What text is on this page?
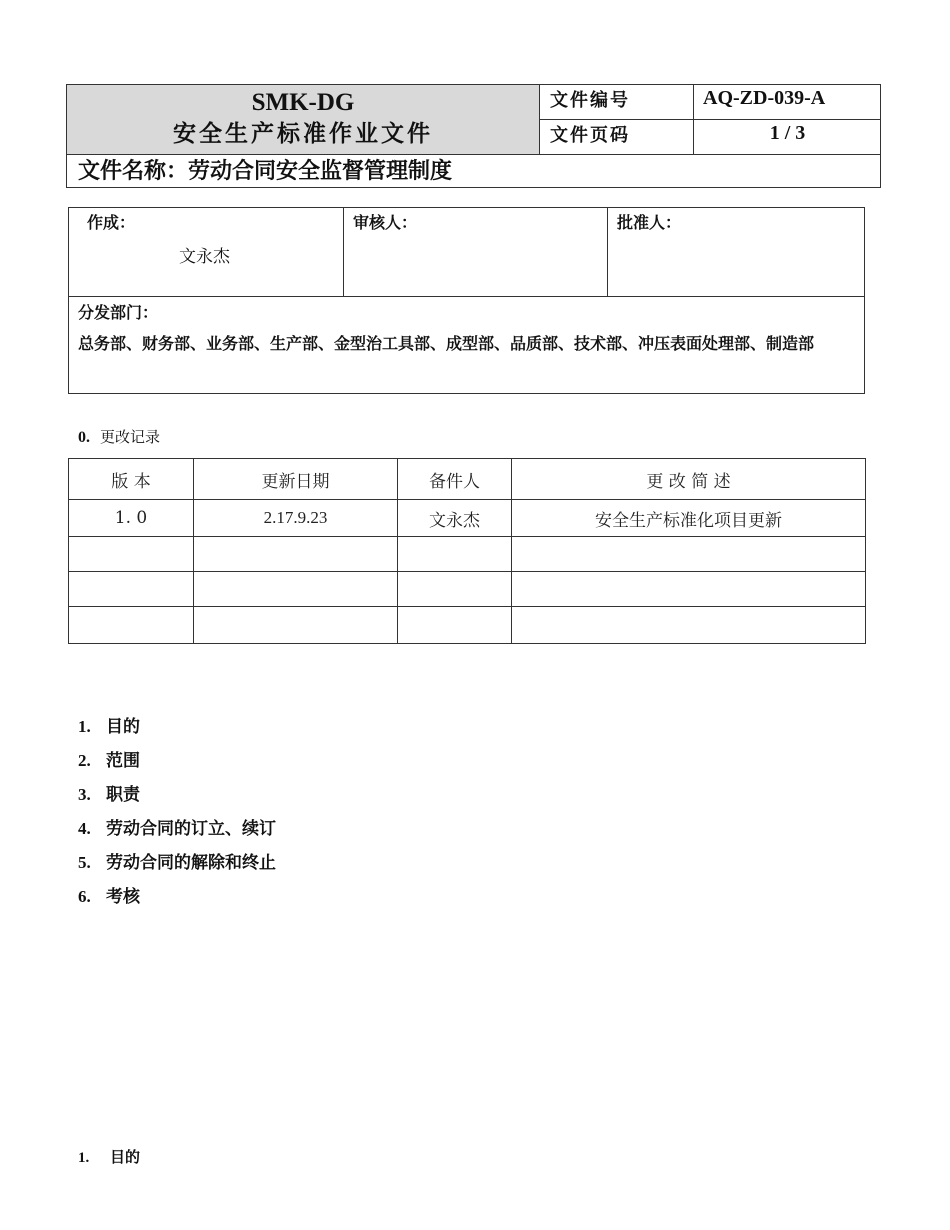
SMK-DG
安全生产标准作业文件
文件编号	AQ-ZD-039-A
文件页码	1 / 3
文件名称：劳动合同安全监督管理制度
作成：
文永杰
审核人：	批准人：
分发部门：
总务部、财务部、业务部、生产部、金型治工具部、成型部、品质部、技术部、冲压表面处理部、制造部
0. 更改记录
版 本	更新日期	备件人	更 改 简 述
1. 0	2.17.9.23	文永杰	安全生产标准化项目更新

1. 目的
2. 范围
3. 职责
4. 劳动合同的订立、续订
5. 劳动合同的解除和终止
6. 考核
1. 目的
